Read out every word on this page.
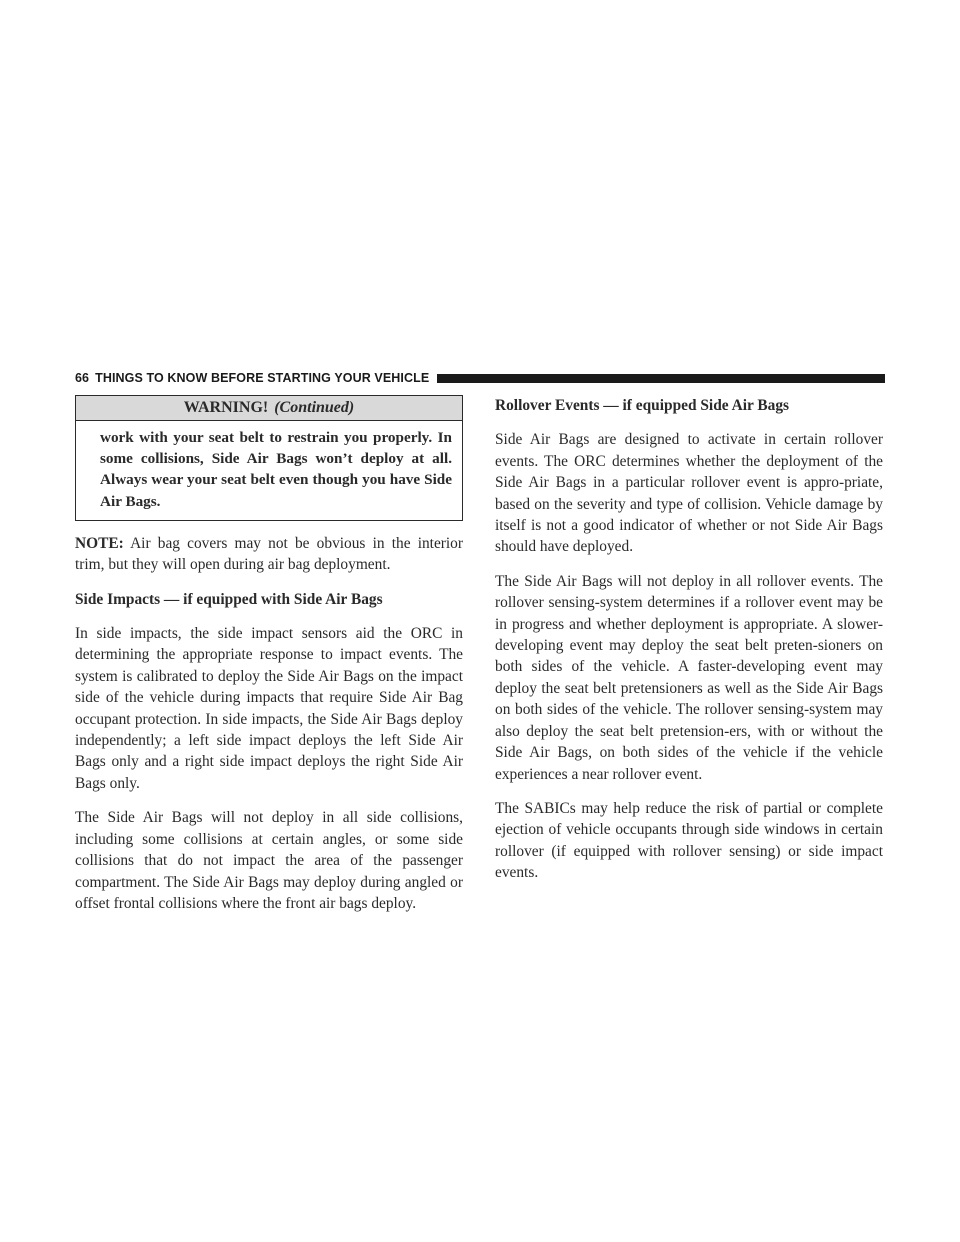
66 THINGS TO KNOW BEFORE STARTING YOUR VEHICLE
WARNING! (Continued)
work with your seat belt to restrain you properly. In some collisions, Side Air Bags won’t deploy at all. Always wear your seat belt even though you have Side Air Bags.

NOTE: Air bag covers may not be obvious in the interior trim, but they will open during air bag deployment.

Side Impacts — if equipped with Side Air Bags

In side impacts, the side impact sensors aid the ORC in determining the appropriate response to impact events. The system is calibrated to deploy the Side Air Bags on the impact side of the vehicle during impacts that require Side Air Bag occupant protection. In side impacts, the Side Air Bags deploy independently; a left side impact deploys the left Side Air Bags only and a right side impact deploys the right Side Air Bags only.

The Side Air Bags will not deploy in all side collisions, including some collisions at certain angles, or some side collisions that do not impact the area of the passenger compartment. The Side Air Bags may deploy during angled or offset frontal collisions where the front air bags deploy.

Rollover Events — if equipped Side Air Bags

Side Air Bags are designed to activate in certain rollover events. The ORC determines whether the deployment of the Side Air Bags in a particular rollover event is appro-priate, based on the severity and type of collision. Vehicle damage by itself is not a good indicator of whether or not Side Air Bags should have deployed.

The Side Air Bags will not deploy in all rollover events. The rollover sensing-system determines if a rollover event may be in progress and whether deployment is appropriate. A slower-developing event may deploy the seat belt preten-sioners on both sides of the vehicle. A faster-developing event may deploy the seat belt pretensioners as well as the Side Air Bags on both sides of the vehicle. The rollover sensing-system may also deploy the seat belt pretension-ers, with or without the Side Air Bags, on both sides of the vehicle if the vehicle experiences a near rollover event.

The SABICs may help reduce the risk of partial or complete ejection of vehicle occupants through side windows in certain rollover (if equipped with rollover sensing) or side impact events.
